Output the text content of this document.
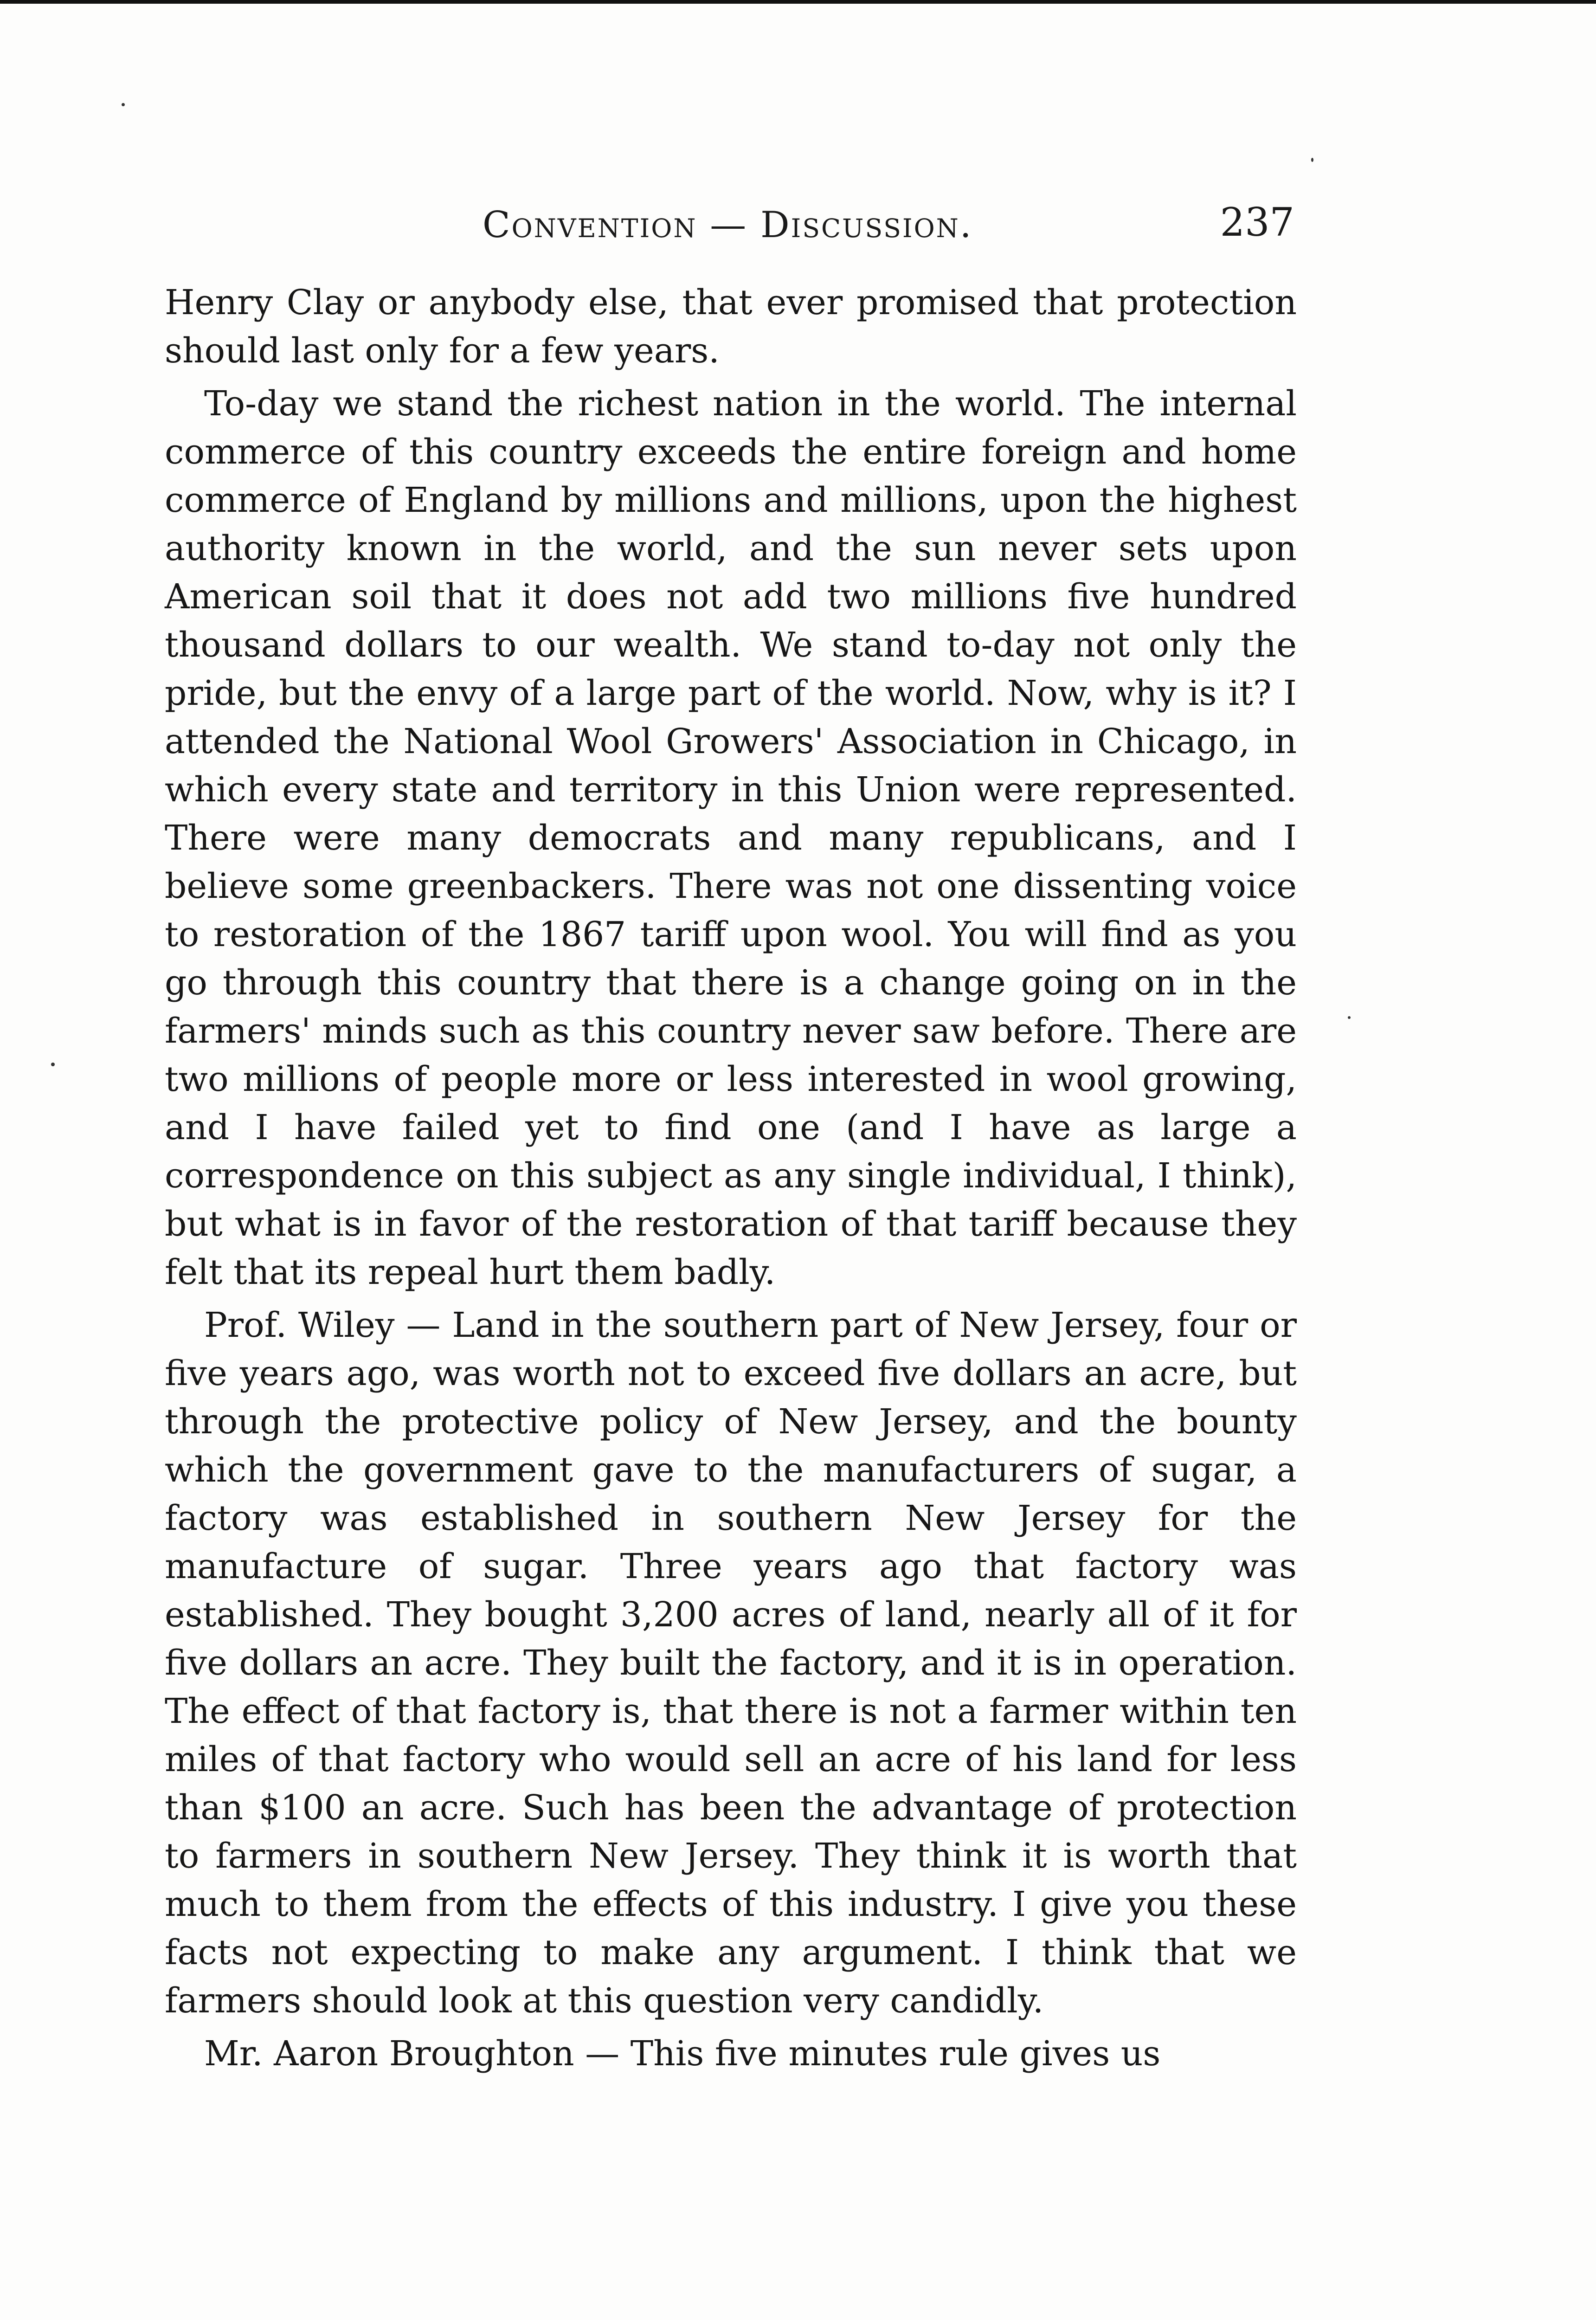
Convention — Discussion.	237

Henry Clay or anybody else, that ever promised that protection should last only for a few years.

To-day we stand the richest nation in the world. The internal commerce of this country exceeds the entire foreign and home commerce of England by millions and millions, upon the highest authority known in the world, and the sun never sets upon American soil that it does not add two millions five hundred thousand dollars to our wealth. We stand to-day not only the pride, but the envy of a large part of the world. Now, why is it? I attended the National Wool Growers' Association in Chicago, in which every state and territory in this Union were represented. There were many democrats and many republicans, and I believe some greenbackers. There was not one dissenting voice to restoration of the 1867 tariff upon wool. You will find as you go through this country that there is a change going on in the farmers' minds such as this country never saw before. There are two millions of people more or less interested in wool growing, and I have failed yet to find one (and I have as large a correspondence on this subject as any single individual, I think), but what is in favor of the restoration of that tariff because they felt that its repeal hurt them badly.

Prof. Wiley — Land in the southern part of New Jersey, four or five years ago, was worth not to exceed five dollars an acre, but through the protective policy of New Jersey, and the bounty which the government gave to the manufacturers of sugar, a factory was established in southern New Jersey for the manufacture of sugar. Three years ago that factory was established. They bought 3,200 acres of land, nearly all of it for five dollars an acre. They built the factory, and it is in operation. The effect of that factory is, that there is not a farmer within ten miles of that factory who would sell an acre of his land for less than $100 an acre. Such has been the advantage of protection to farmers in southern New Jersey. They think it is worth that much to them from the effects of this industry. I give you these facts not expecting to make any argument. I think that we farmers should look at this question very candidly.

Mr. Aaron Broughton — This five minutes rule gives us
